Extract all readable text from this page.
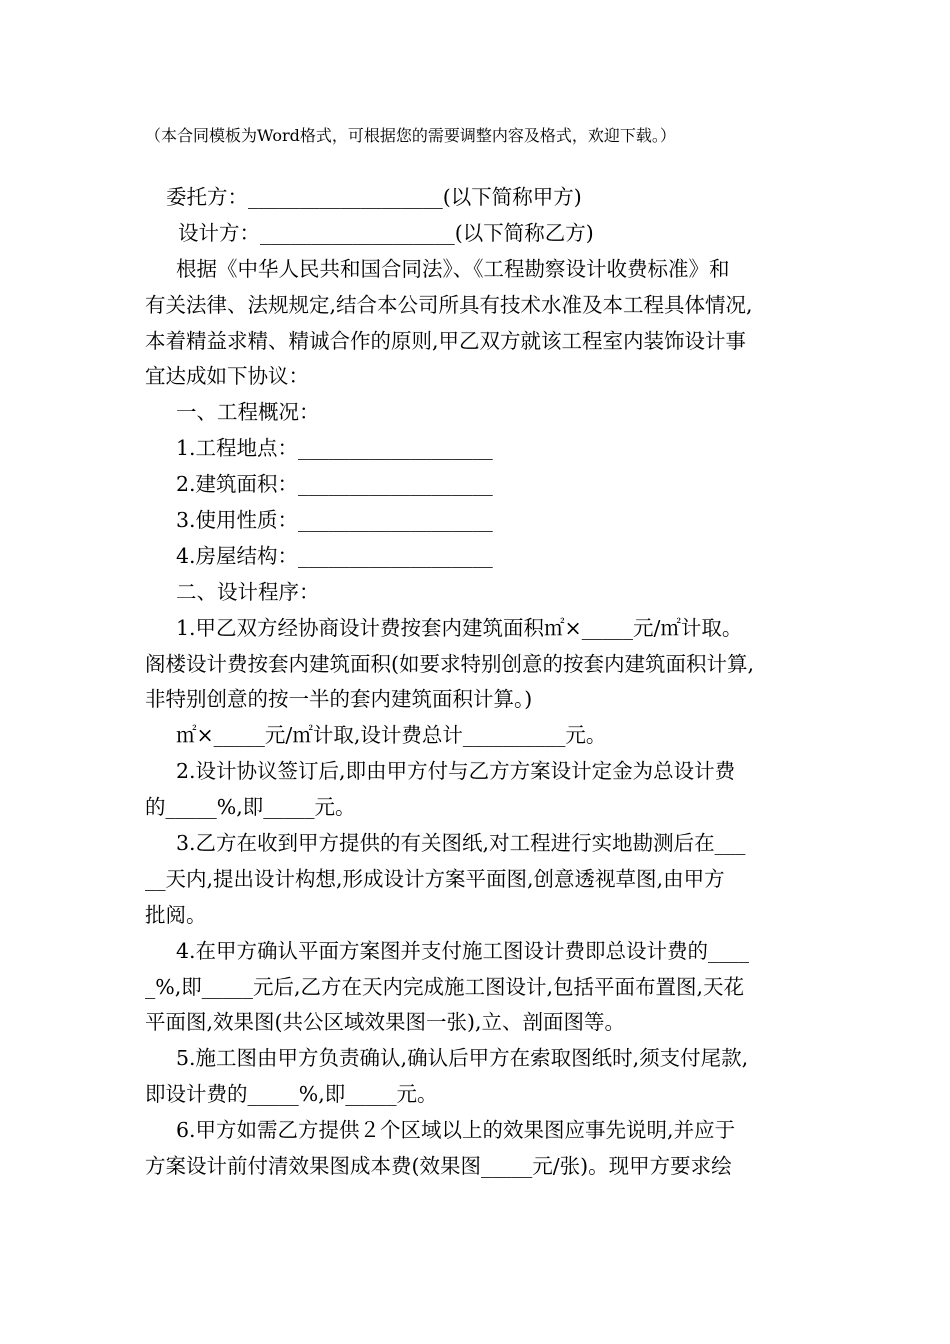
（本合同模板为Word格式，可根据您的需要调整内容及格式，欢迎下载。）
委托方：___________________(以下简称甲方)
设计方：___________________(以下简称乙方)
根据《中华人民共和国合同法》、《工程勘察设计收费标准》和
有关法律、法规规定,结合本公司所具有技术水准及本工程具体情况,
本着精益求精、精诚合作的原则,甲乙双方就该工程室内装饰设计事
宜达成如下协议：
一、工程概况：
1.工程地点：___________________
2.建筑面积：___________________
3.使用性质：___________________
4.房屋结构：___________________
二、设计程序：
1.甲乙双方经协商设计费按套内建筑面积㎡×_____元/㎡计取。
阁楼设计费按套内建筑面积(如要求特别创意的按套内建筑面积计算,
非特别创意的按一半的套内建筑面积计算。)
㎡×_____元/㎡计取,设计费总计__________元。
2.设计协议签订后,即由甲方付与乙方方案设计定金为总设计费
的_____%,即_____元。
3.乙方在收到甲方提供的有关图纸,对工程进行实地勘测后在___
__天内,提出设计构想,形成设计方案平面图,创意透视草图,由甲方
批阅。
4.在甲方确认平面方案图并支付施工图设计费即总设计费的____
_%,即_____元后,乙方在天内完成施工图设计,包括平面布置图,天花
平面图,效果图(共公区域效果图一张),立、剖面图等。
5.施工图由甲方负责确认,确认后甲方在索取图纸时,须支付尾款,
即设计费的_____%,即_____元。
6.甲方如需乙方提供２个区域以上的效果图应事先说明,并应于
方案设计前付清效果图成本费(效果图_____元/张)。现甲方要求绘
